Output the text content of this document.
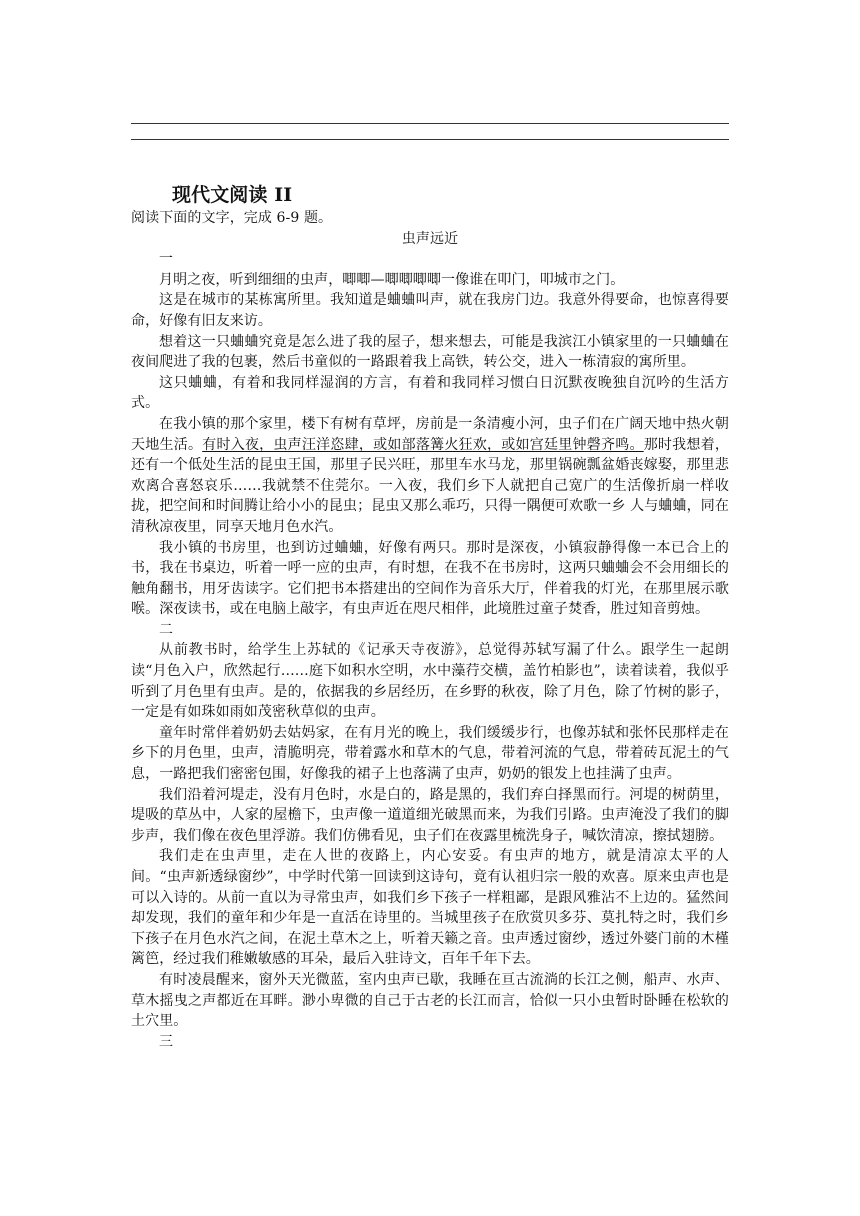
现代文阅读 II
阅读下面的文字，完成 6-9 题。
虫声远近
一

月明之夜，听到细细的虫声，唧唧—唧唧唧唧一像谁在叩门，叩城市之门。

这是在城市的某栋寓所里。我知道是蛐蛐叫声，就在我房门边。我意外得要命，也惊喜得要命，好像有旧友来访。

想着这一只蛐蛐究竟是怎么进了我的屋子，想来想去，可能是我滨江小镇家里的一只蛐蛐在夜间爬进了我的包裹，然后书童似的一路跟着我上高铁，转公交，进入一栋清寂的寓所里。

这只蛐蛐，有着和我同样湿润的方言，有着和我同样习惯白日沉默夜晚独自沉吟的生活方式。

在我小镇的那个家里，楼下有树有草坪，房前是一条清瘦小河，虫子们在广阔天地中热火朝天地生活。有时入夜，虫声汪洋恣肆，或如部落篝火狂欢，或如宫廷里钟磬齐鸣。那时我想着，还有一个低处生活的昆虫王国，那里子民兴旺，那里车水马龙，那里锅碗瓢盆婚丧嫁娶，那里悲欢离合喜怒哀乐……我就禁不住莞尔。一入夜，我们乡下人就把自己宽广的生活像折扇一样收拢，把空间和时间腾让给小小的昆虫；昆虫又那么乖巧，只得一隅便可欢歌一乡 人与蛐蛐，同在清秋凉夜里，同享天地月色水汽。

我小镇的书房里，也到访过蛐蛐，好像有两只。那时是深夜，小镇寂静得像一本已合上的书，我在书桌边，听着一呼一应的虫声，有时想，在我不在书房时，这两只蛐蛐会不会用细长的触角翻书，用牙齿读字。它们把书本搭建出的空间作为音乐大厅，伴着我的灯光，在那里展示歌喉。深夜读书，或在电脑上敲字，有虫声近在咫尺相伴，此境胜过童子焚香，胜过知音剪烛。

二

从前教书时，给学生上苏轼的《记承天寺夜游》，总觉得苏轼写漏了什么。跟学生一起朗读“月色入户，欣然起行……庭下如积水空明，水中藻荇交横，盖竹柏影也”，读着读着，我似乎听到了月色里有虫声。是的，依据我的乡居经历，在乡野的秋夜，除了月色，除了竹树的影子，一定是有如珠如雨如茂密秋草似的虫声。

童年时常伴着奶奶去姑妈家，在有月光的晚上，我们缓缓步行，也像苏轼和张怀民那样走在乡下的月色里，虫声，清脆明亮，带着露水和草木的气息，带着河流的气息，带着砖瓦泥土的气息，一路把我们密密包围，好像我的裙子上也落满了虫声，奶奶的银发上也挂满了虫声。

我们沿着河堤走，没有月色时，水是白的，路是黑的，我们弃白择黑而行。河堤的树荫里，堤吸的草丛中，人家的屋檐下，虫声像一道道细光破黑而来，为我们引路。虫声淹没了我们的脚步声，我们像在夜色里浮游。我们仿佛看见，虫子们在夜露里梳洗身子，喊饮清凉，擦拭翅膀。

我们走在虫声里，走在人世的夜路上，内心安妥。有虫声的地方，就是清凉太平的人间。“虫声新透绿窗纱”，中学时代第一回读到这诗句，竟有认祖归宗一般的欢喜。原来虫声也是可以入诗的。从前一直以为寻常虫声，如我们乡下孩子一样粗鄙，是跟风雅沾不上边的。猛然间却发现，我们的童年和少年是一直活在诗里的。当城里孩子在欣赏贝多芬、莫扎特之时，我们乡下孩子在月色水汽之间，在泥土草木之上，听着天籁之音。虫声透过窗纱，透过外婆门前的木槿篱笆，经过我们稚嫩敏感的耳朵，最后入驻诗文，百年千年下去。

有时凌晨醒来，窗外天光微蓝，室内虫声已歇，我睡在亘古流淌的长江之侧，船声、水声、草木摇曳之声都近在耳畔。渺小卑微的自己于古老的长江而言，恰似一只小虫暂时卧睡在松软的土穴里。

三
